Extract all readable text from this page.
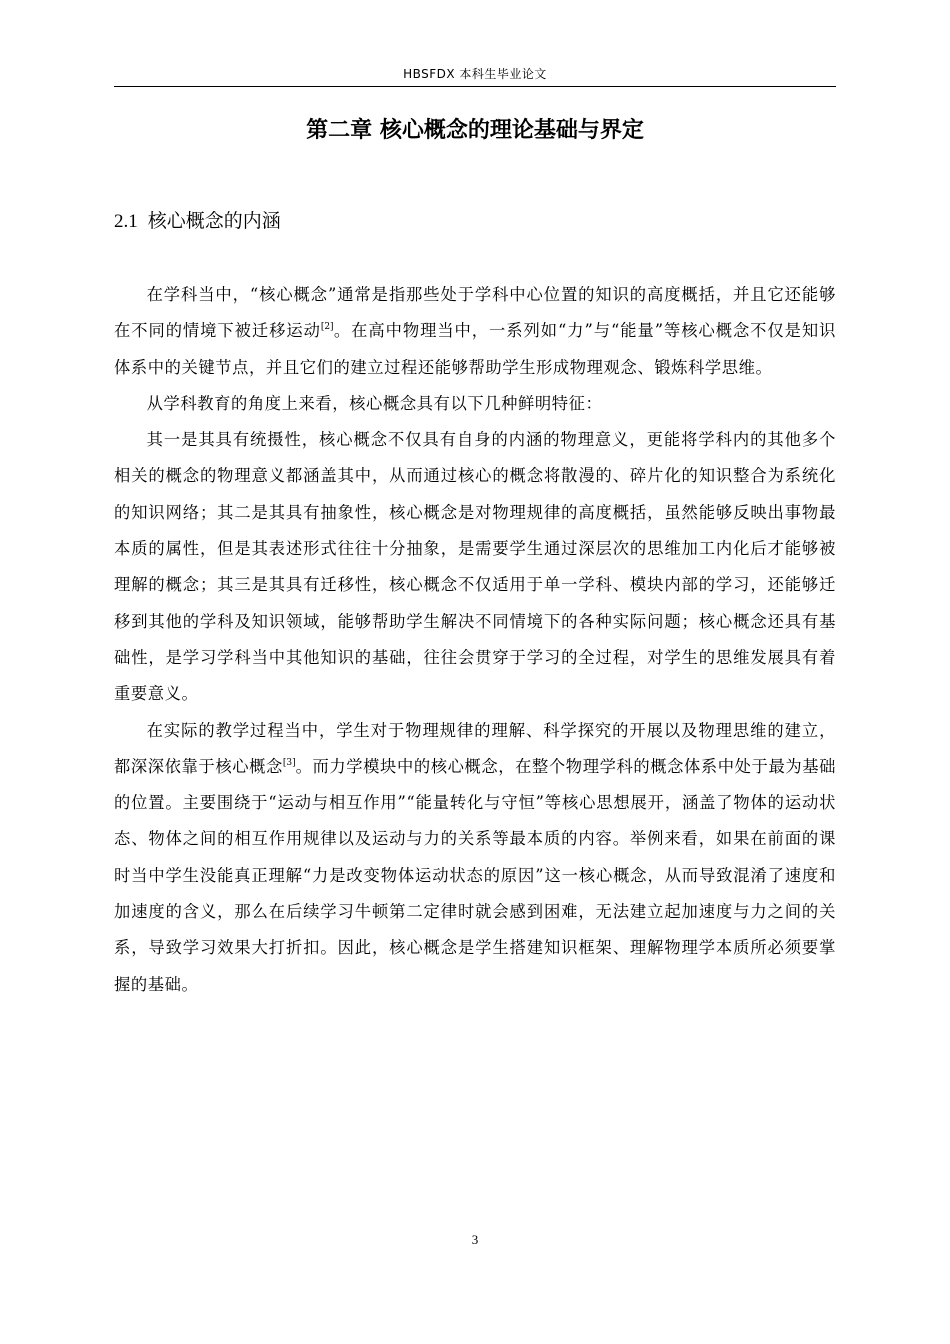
HBSFDX 本科生毕业论文
第二章 核心概念的理论基础与界定
2.1 核心概念的内涵

在学科当中，“核心概念”通常是指那些处于学科中心位置的知识的高度概括，并且它还能够在不同的情境下被迁移运动[2]。在高中物理当中，一系列如“力”与“能量”等核心概念不仅是知识体系中的关键节点，并且它们的建立过程还能够帮助学生形成物理观念、锻炼科学思维。

从学科教育的角度上来看，核心概念具有以下几种鲜明特征：

其一是其具有统摄性，核心概念不仅具有自身的内涵的物理意义，更能将学科内的其他多个相关的概念的物理意义都涵盖其中，从而通过核心的概念将散漫的、碎片化的知识整合为系统化的知识网络；其二是其具有抽象性，核心概念是对物理规律的高度概括，虽然能够反映出事物最本质的属性，但是其表述形式往往十分抽象，是需要学生通过深层次的思维加工内化后才能够被理解的概念；其三是其具有迁移性，核心概念不仅适用于单一学科、模块内部的学习，还能够迁移到其他的学科及知识领域，能够帮助学生解决不同情境下的各种实际问题；核心概念还具有基础性，是学习学科当中其他知识的基础，往往会贯穿于学习的全过程，对学生的思维发展具有着重要意义。

在实际的教学过程当中，学生对于物理规律的理解、科学探究的开展以及物理思维的建立，都深深依靠于核心概念[3]。而力学模块中的核心概念，在整个物理学科的概念体系中处于最为基础的位置。主要围绕于“运动与相互作用”“能量转化与守恒”等核心思想展开，涵盖了物体的运动状态、物体之间的相互作用规律以及运动与力的关系等最本质的内容。举例来看，如果在前面的课时当中学生没能真正理解“力是改变物体运动状态的原因”这一核心概念，从而导致混淆了速度和加速度的含义，那么在后续学习牛顿第二定律时就会感到困难，无法建立起加速度与力之间的关系，导致学习效果大打折扣。因此，核心概念是学生搭建知识框架、理解物理学本质所必须要掌握的基础。

3
